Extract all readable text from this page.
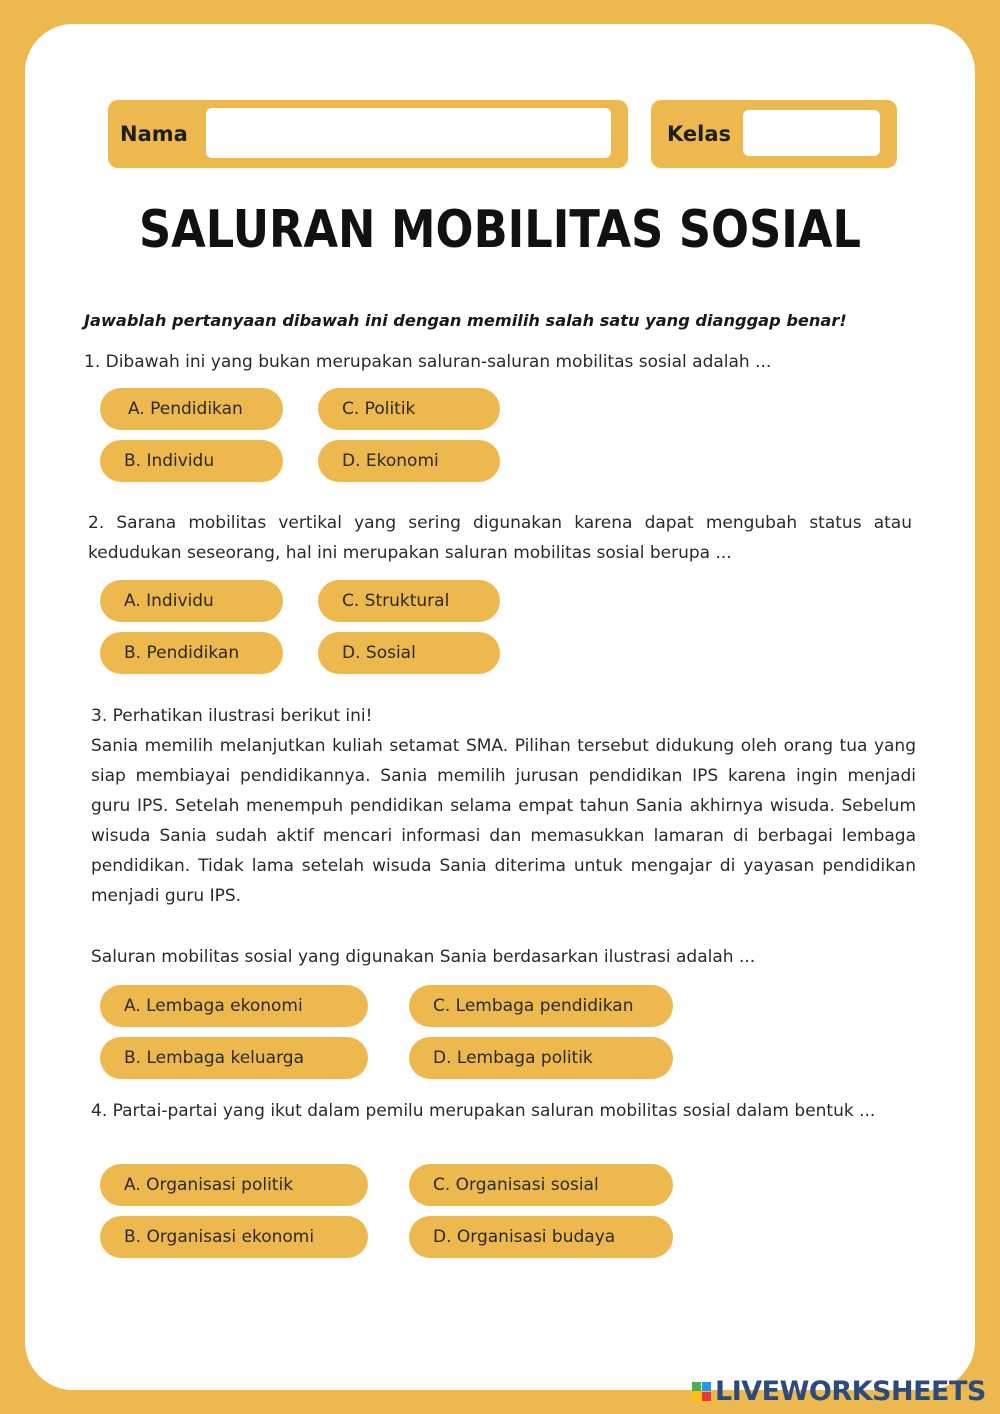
Nama	Kelas
SALURAN MOBILITAS SOSIAL
Jawablah pertanyaan dibawah ini dengan memilih salah satu yang dianggap benar!
1. Dibawah ini yang bukan merupakan saluran-saluran mobilitas sosial adalah ...
A. Pendidikan	C. Politik
B. Individu	D. Ekonomi
2. Sarana mobilitas vertikal yang sering digunakan karena dapat mengubah status atau kedudukan seseorang, hal ini merupakan saluran mobilitas sosial berupa ...
A. Individu	C. Struktural
B. Pendidikan	D. Sosial
3. Perhatikan ilustrasi berikut ini!
Sania memilih melanjutkan kuliah setamat SMA. Pilihan tersebut didukung oleh orang tua yang siap membiayai pendidikannya. Sania memilih jurusan pendidikan IPS karena ingin menjadi guru IPS. Setelah menempuh pendidikan selama empat tahun Sania akhirnya wisuda. Sebelum wisuda Sania sudah aktif mencari informasi dan memasukkan lamaran di berbagai lembaga pendidikan. Tidak lama setelah wisuda Sania diterima untuk mengajar di yayasan pendidikan menjadi guru IPS.
Saluran mobilitas sosial yang digunakan Sania berdasarkan ilustrasi adalah ...
A. Lembaga ekonomi	C. Lembaga pendidikan
B. Lembaga keluarga	D. Lembaga politik
4. Partai-partai yang ikut dalam pemilu merupakan saluran mobilitas sosial dalam bentuk ...
A. Organisasi politik	C. Organisasi sosial
B. Organisasi ekonomi	D. Organisasi budaya
LIVEWORKSHEETS
